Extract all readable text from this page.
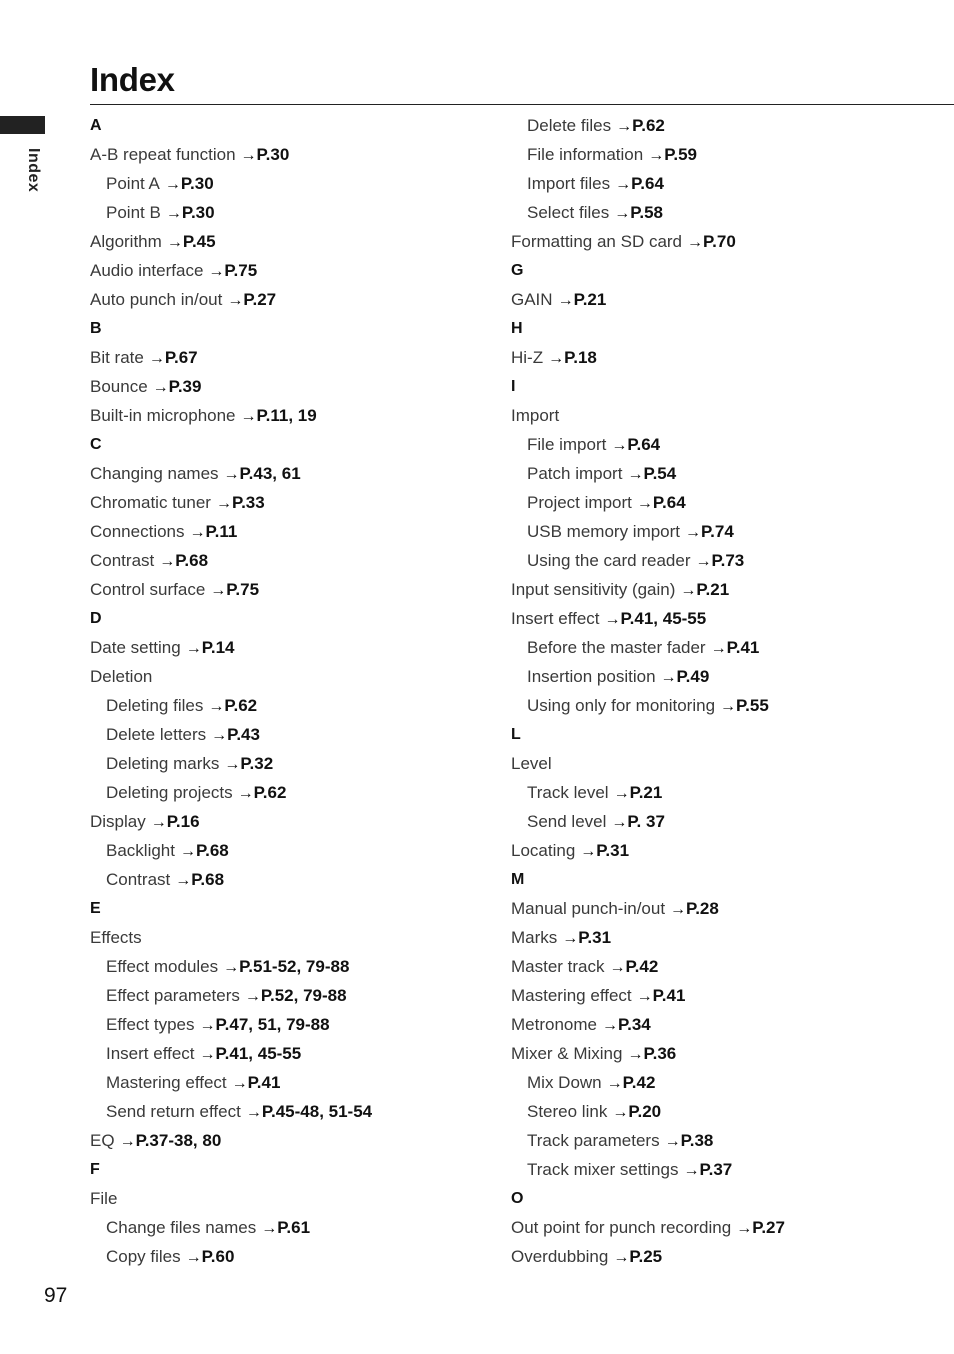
Index
Index
A
A-B repeat function →P.30
Point A →P.30
Point B →P.30
Algorithm →P.45
Audio interface →P.75
Auto punch in/out →P.27
B
Bit rate →P.67
Bounce →P.39
Built-in microphone →P.11, 19
C
Changing names →P.43, 61
Chromatic tuner →P.33
Connections →P.11
Contrast →P.68
Control surface →P.75
D
Date setting →P.14
Deletion
Deleting files →P.62
Delete letters →P.43
Deleting marks →P.32
Deleting projects →P.62
Display →P.16
Backlight →P.68
Contrast →P.68
E
Effects
Effect modules →P.51-52, 79-88
Effect parameters →P.52, 79-88
Effect types →P.47, 51, 79-88
Insert effect →P.41, 45-55
Mastering effect →P.41
Send return effect →P.45-48, 51-54
EQ →P.37-38, 80
F
File
Change files names →P.61
Copy files →P.60
Delete files →P.62
File information →P.59
Import files →P.64
Select files →P.58
Formatting an SD card →P.70
G
GAIN →P.21
H
Hi-Z →P.18
I
Import
File import →P.64
Patch import →P.54
Project import →P.64
USB memory import →P.74
Using the card reader →P.73
Input sensitivity (gain) →P.21
Insert effect →P.41, 45-55
Before the master fader →P.41
Insertion position →P.49
Using only for monitoring →P.55
L
Level
Track level →P.21
Send level →P. 37
Locating →P.31
M
Manual punch-in/out →P.28
Marks →P.31
Master track →P.42
Mastering effect →P.41
Metronome →P.34
Mixer & Mixing →P.36
Mix Down →P.42
Stereo link →P.20
Track parameters →P.38
Track mixer settings →P.37
O
Out point for punch recording →P.27
Overdubbing →P.25
97
